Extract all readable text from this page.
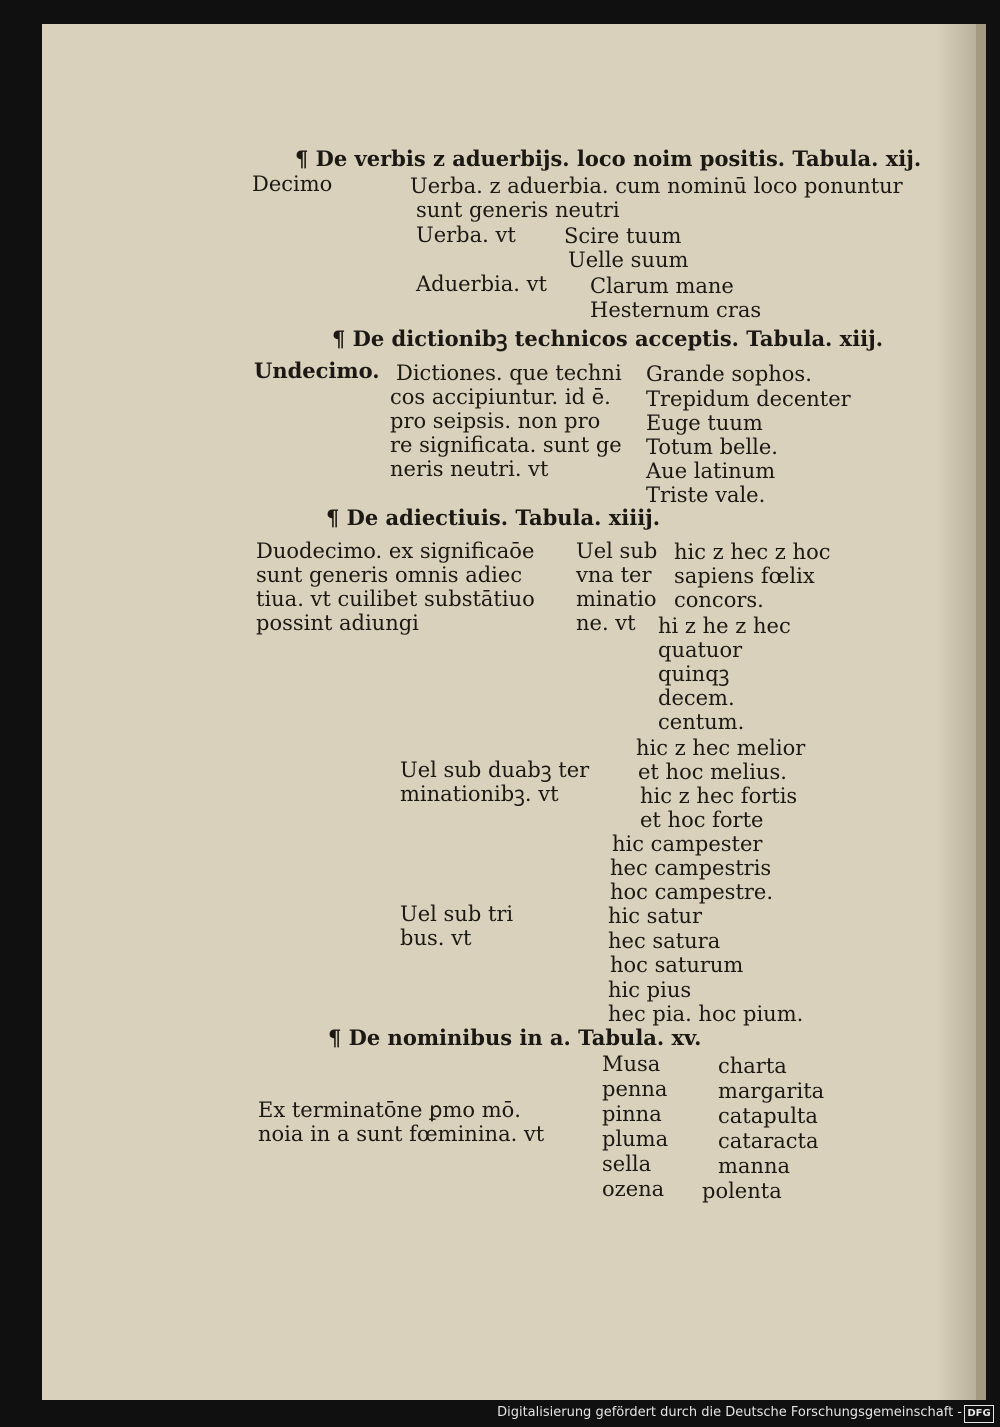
¶ De verbis z aduerbijs. loco noim positis. Tabula. xij.
Decimo	Uerba. z aduerbia. cum nominū loco ponuntur
sunt generis neutri
Uerba. vt Scire tuum
Uelle suum
Aduerbia. vt Clarum mane
Hesternum cras
¶ De dictionibꝫ technicos acceptis. Tabula. xiij.
Undecimo. Dictiones. que techni
cos accipiuntur. id ē.
pro seipsis. non pro
re significata. sunt ge
neris neutri. vt
Grande sophos.
Trepidum decenter
Euge tuum
Totum belle.
Aue latinum
Triste vale.
¶ De adiectiuis. Tabula. xiiij.
Duodecimo. ex significaōe
sunt generis omnis adiec
tiua. vt cuilibet substātiuo
possint adiungi
Uel sub
vna ter
minatio
ne. vt
hic z hec z hoc
sapiens fœlix
concors.
hi z he z hec
quatuor
quinqꝫ
decem.
centum.
Uel sub duabꝫ ter
minationibꝫ. vt
hic z hec melior
et hoc melius.
hic z hec fortis
et hoc forte
Uel sub tri
bus. vt
hic campester
hec campestris
hoc campestre.
hic satur
hec satura
hoc saturum
hic pius
hec pia. hoc pium.
¶ De nominibus in a. Tabula. xv.
Ex terminatōne ꝑmo mō.
noia in a sunt fœminina. vt
Musa
penna
pinna
pluma
sella
ozena
charta
margarita
catapulta
cataracta
manna
polenta
Digitalisierung gefördert durch die Deutsche Forschungsgemeinschaft - DFG
